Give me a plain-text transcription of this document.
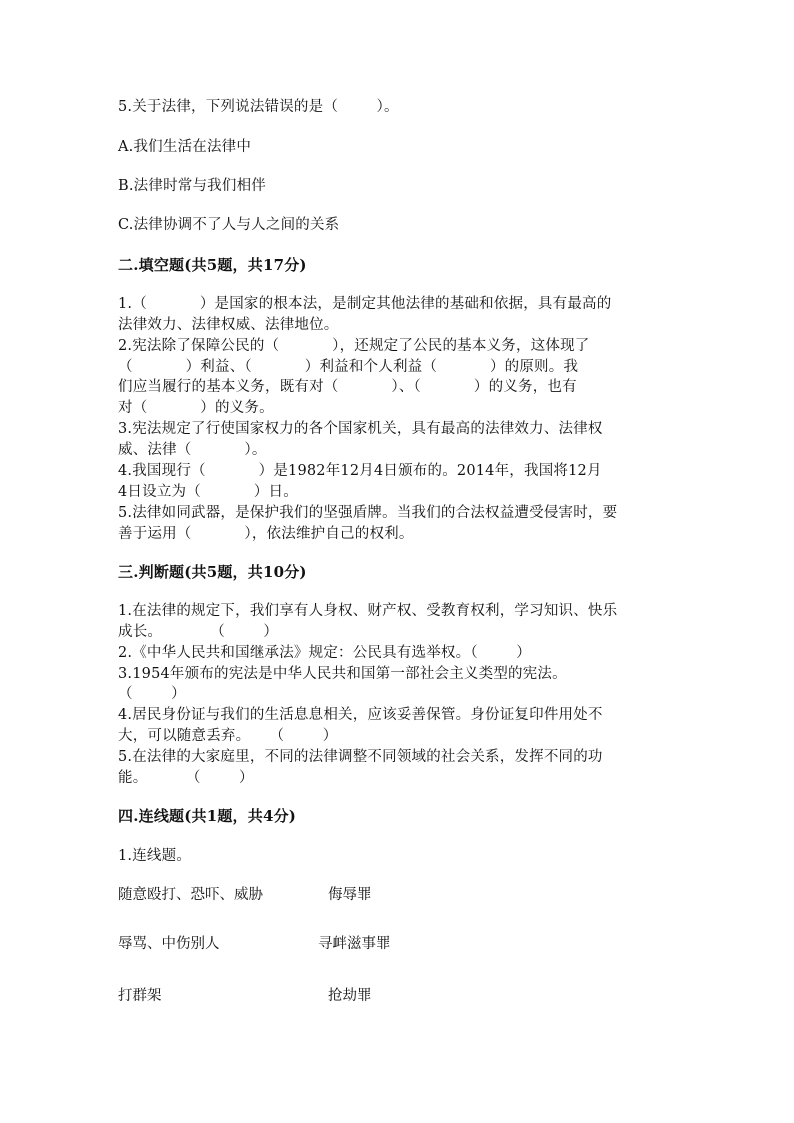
5.关于法律，下列说法错误的是（        ）。
A.我们生活在法律中
B.法律时常与我们相伴
C.法律协调不了人与人之间的关系
二.填空题(共5题，共17分)
1.（           ）是国家的根本法，是制定其他法律的基础和依据，具有最高的
法律效力、法律权威、法律地位。
2.宪法除了保障公民的（           ），还规定了公民的基本义务，这体现了
（           ）利益、（           ）利益和个人利益（           ）的原则。我
们应当履行的基本义务，既有对（           ）、（           ）的义务，也有
对（           ）的义务。
3.宪法规定了行使国家权力的各个国家机关，具有最高的法律效力、法律权
威、法律（           ）。
4.我国现行（           ）是1982年12月4日颁布的。2014年，我国将12月
4日设立为（           ）日。
5.法律如同武器，是保护我们的坚强盾牌。当我们的合法权益遭受侵害时，要
善于运用（           ），依法维护自己的权利。
三.判断题(共5题，共10分)
1.在法律的规定下，我们享有人身权、财产权、受教育权利，学习知识、快乐
成长。          （        ）
2.《中华人民共和国继承法》规定：公民具有选举权。（        ）
3.1954年颁布的宪法是中华人民共和国第一部社会主义类型的宪法。
（        ）
4.居民身份证与我们的生活息息相关，应该妥善保管。身份证复印件用处不
大，可以随意丢弃。    （        ）
5.在法律的大家庭里，不同的法律调整不同领域的社会关系，发挥不同的功
能。        （        ）
四.连线题(共1题，共4分)
1.连线题。
随意殴打、恐吓、威胁	侮辱罪
辱骂、中伤别人	寻衅滋事罪
打群架	抢劫罪
